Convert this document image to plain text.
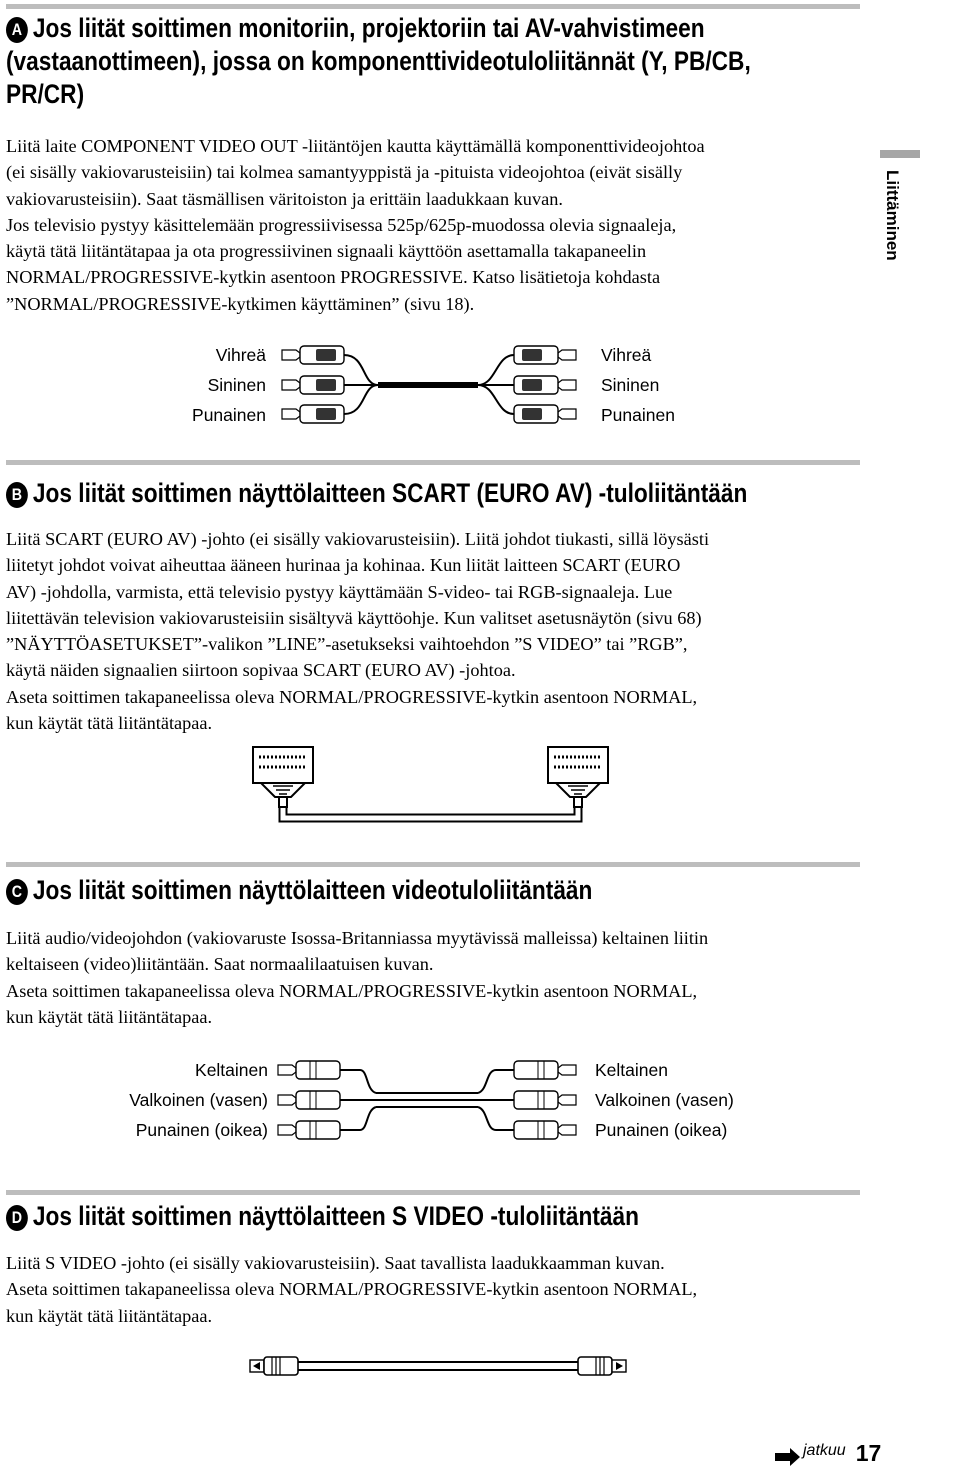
A Jos liität soittimen monitoriin, projektoriin tai AV-vahvistimeen
(vastaanottimeen), jossa on komponenttivideotuloliitännät (Y, PB/CB,
PR/CR)

Liitä laite COMPONENT VIDEO OUT -liitäntöjen kautta käyttämällä komponenttivideojohtoa

(ei sisälly vakiovarusteisiin) tai kolmea samantyyppistä ja -pituista videojohtoa (eivät sisälly

vakiovarusteisiin). Saat täsmällisen väritoiston ja erittäin laadukkaan kuvan.

Jos televisio pystyy käsittelemään progressiivisessa 525p/625p-muodossa olevia signaaleja,

käytä tätä liitäntätapaa ja ota progressiivinen signaali käyttöön asettamalla takapaneelin

NORMAL/PROGRESSIVE-kytkin asentoon PROGRESSIVE. Katso lisätietoja kohdasta

”NORMAL/PROGRESSIVE-kytkimen käyttäminen” (sivu 18).

Vihreä
Sininen
Punainen
Vihreä
Sininen
Punainen
Liittäminen
B Jos liität soittimen näyttölaitteen SCART (EURO AV) -tuloliitäntään

Liitä SCART (EURO AV) -johto (ei sisälly vakiovarusteisiin). Liitä johdot tiukasti, sillä löysästi

liitetyt johdot voivat aiheuttaa ääneen hurinaa ja kohinaa. Kun liität laitteen SCART (EURO

AV) -johdolla, varmista, että televisio pystyy käyttämään S-video- tai RGB-signaaleja. Lue

liitettävän television vakiovarusteisiin sisältyvä käyttöohje. Kun valitset asetusnäytön (sivu 68)

”NÄYTTÖASETUKSET”-valikon ”LINE”-asetukseksi vaihtoehdon ”S VIDEO” tai ”RGB”,

käytä näiden signaalien siirtoon sopivaa SCART (EURO AV) -johtoa.

Aseta soittimen takapaneelissa oleva NORMAL/PROGRESSIVE-kytkin asentoon NORMAL,

kun käytät tätä liitäntätapaa.

C Jos liität soittimen näyttölaitteen videotuloliitäntään

Liitä audio/videojohdon (vakiovaruste Isossa-Britanniassa myytävissä malleissa) keltainen liitin

keltaiseen (video)liitäntään. Saat normaalilaatuisen kuvan.

Aseta soittimen takapaneelissa oleva NORMAL/PROGRESSIVE-kytkin asentoon NORMAL,

kun käytät tätä liitäntätapaa.

Keltainen
Valkoinen (vasen)
Punainen (oikea)
Keltainen
Valkoinen (vasen)
Punainen (oikea)
D Jos liität soittimen näyttölaitteen S VIDEO -tuloliitäntään

Liitä S VIDEO -johto (ei sisälly vakiovarusteisiin). Saat tavallista laadukkaamman kuvan.

Aseta soittimen takapaneelissa oleva NORMAL/PROGRESSIVE-kytkin asentoon NORMAL,

kun käytät tätä liitäntätapaa.

jatkuu 17
